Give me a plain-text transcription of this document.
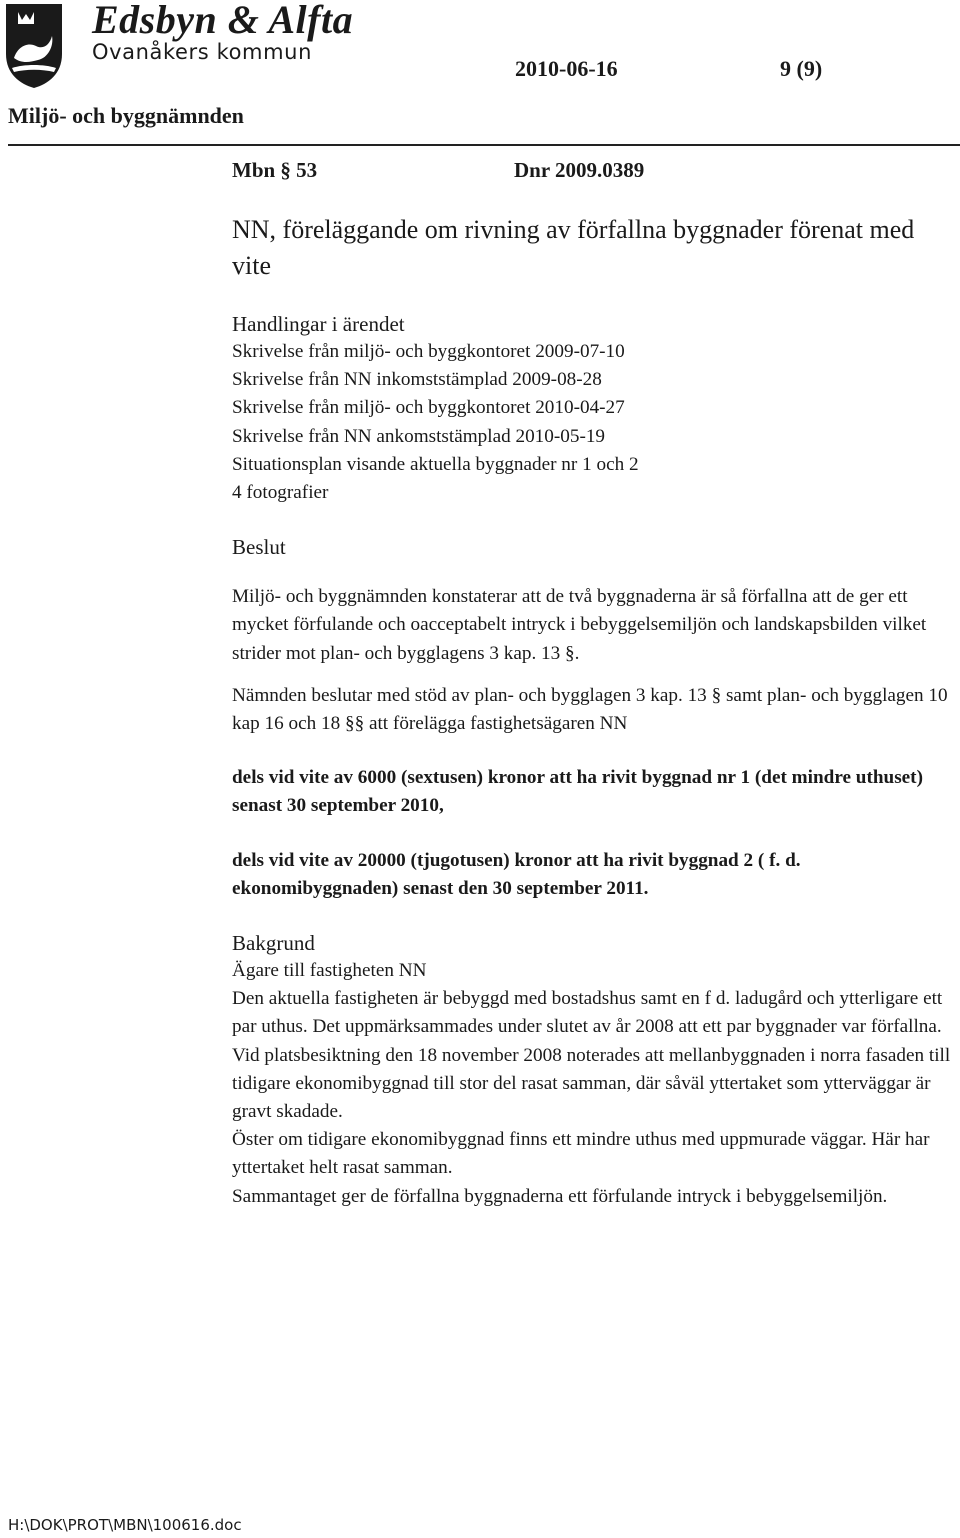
Edsbyn & Alfta
Ovanåkers kommun
2010-06-16	9 (9)
Miljö- och byggnämnden
Mbn § 53	Dnr 2009.0389
NN, föreläggande om rivning av förfallna byggnader förenat med vite
Handlingar i ärendet
Skrivelse från miljö- och byggkontoret 2009-07-10
Skrivelse från NN inkomststämplad 2009-08-28
Skrivelse från miljö- och byggkontoret 2010-04-27
Skrivelse från NN ankomststämplad 2010-05-19
Situationsplan visande aktuella byggnader nr 1 och 2
4 fotografier
Beslut

Miljö- och byggnämnden konstaterar att de två byggnaderna är så förfallna att de ger ett mycket förfulande och oacceptabelt intryck i bebyggelsemiljön och landskapsbilden vilket strider mot plan- och bygglagens 3 kap. 13 §.

Nämnden beslutar med stöd av plan- och bygglagen 3 kap. 13 § samt plan- och bygglagen 10 kap 16 och 18 §§ att förelägga fastighetsägaren NN

dels vid vite av 6000 (sextusen) kronor att ha rivit byggnad nr 1 (det mindre uthuset) senast 30 september 2010,

dels vid vite av 20000 (tjugotusen) kronor att ha rivit byggnad 2 ( f. d. ekonomibyggnaden) senast den 30 september 2011.

Bakgrund

Ägare till fastigheten NN

Den aktuella fastigheten är bebyggd med bostadshus samt en f d. ladugård och ytterligare ett par uthus. Det uppmärksammades under slutet av år 2008 att ett par byggnader var förfallna.

Vid platsbesiktning den 18 november 2008 noterades att mellanbyggnaden i norra fasaden till tidigare ekonomibyggnad till stor del rasat samman, där såväl yttertaket som ytterväggar är gravt skadade.

Öster om tidigare ekonomibyggnad finns ett mindre uthus med uppmurade väggar. Här har yttertaket helt rasat samman.

Sammantaget ger de förfallna byggnaderna ett förfulande intryck i bebyggelsemiljön.

H:\DOK\PROT\MBN\100616.doc
